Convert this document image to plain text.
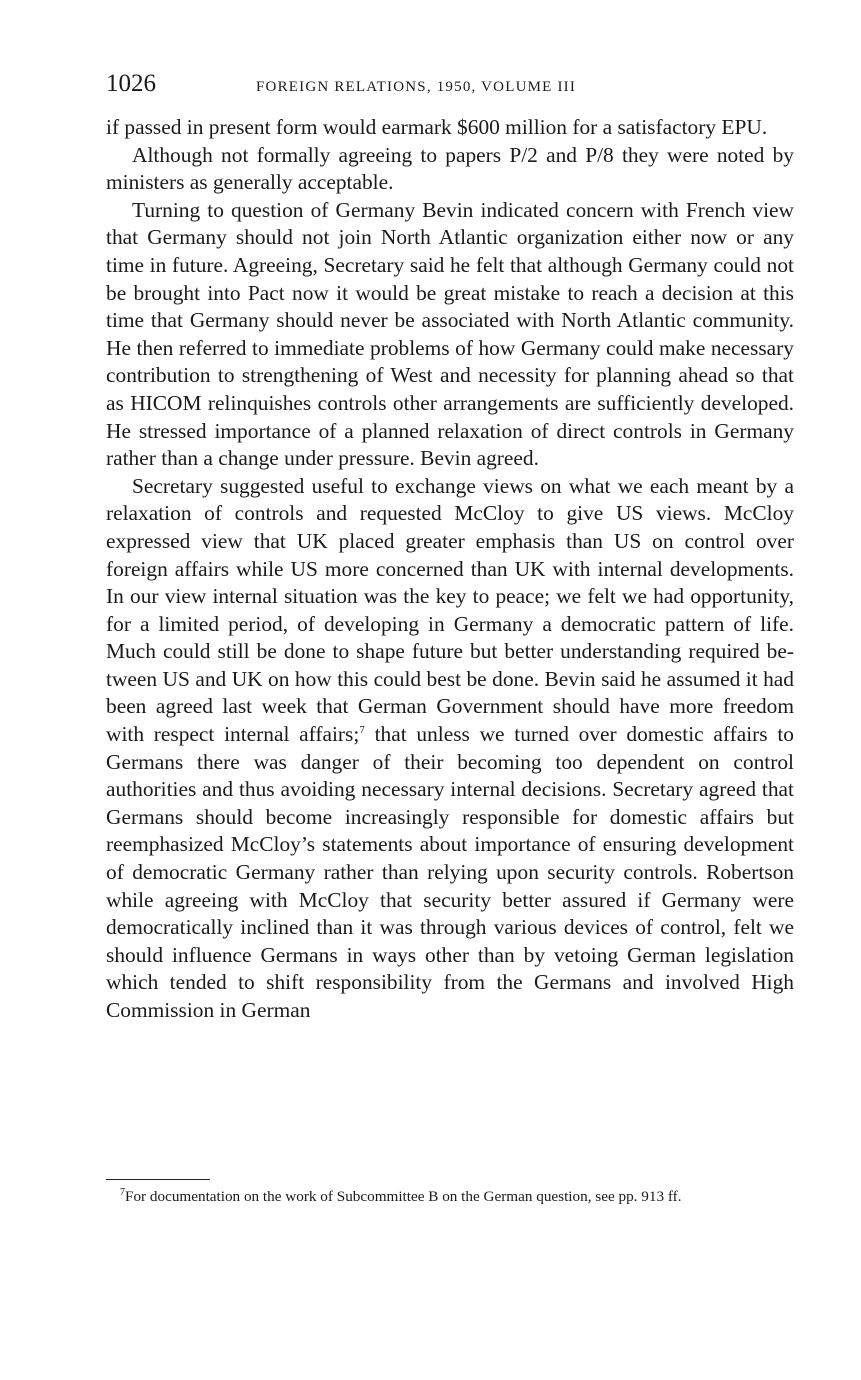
1026	FOREIGN RELATIONS, 1950, VOLUME III

if passed in present form would earmark $600 million for a satisfactory EPU.

Although not formally agreeing to papers P/2 and P/8 they were noted by ministers as generally acceptable.

Turning to question of Germany Bevin indicated concern with French view that Germany should not join North Atlantic organization either now or any time in future. Agreeing, Secretary said he felt that although Germany could not be brought into Pact now it would be great mistake to reach a decision at this time that Germany should never be associated with North Atlantic community. He then referred to immediate problems of how Germany could make necessary contribution to strengthening of West and necessity for planning ahead so that as HICOM relinquishes controls other arrangements are sufficiently developed. He stressed importance of a planned relaxation of direct controls in Germany rather than a change under pressure. Bevin agreed.

Secretary suggested useful to exchange views on what we each meant by a relaxation of controls and requested McCloy to give US views. McCloy expressed view that UK placed greater emphasis than US on control over foreign affairs while US more concerned than UK with internal developments. In our view internal situation was the key to peace; we felt we had opportunity, for a limited period, of developing in Germany a democratic pattern of life. Much could still be done to shape future but better understanding required between US and UK on how this could best be done. Bevin said he assumed it had been agreed last week that German Government should have more freedom with respect internal affairs;$^7$ that unless we turned over domestic affairs to Germans there was danger of their becoming too dependent on control authorities and thus avoiding necessary internal decisions. Secretary agreed that Germans should become increasingly responsible for domestic affairs but reemphasized McCloy’s statements about importance of ensuring development of democratic Germany rather than relying upon security controls. Robertson while agreeing with McCloy that security better assured if Germany were democratically inclined than it was through various devices of control, felt we should influence Germans in ways other than by vetoing German legislation which tended to shift responsibility from the Germans and involved High Commission in German

$^7$For documentation on the work of Subcommittee B on the German question, see pp. 913 ff.
